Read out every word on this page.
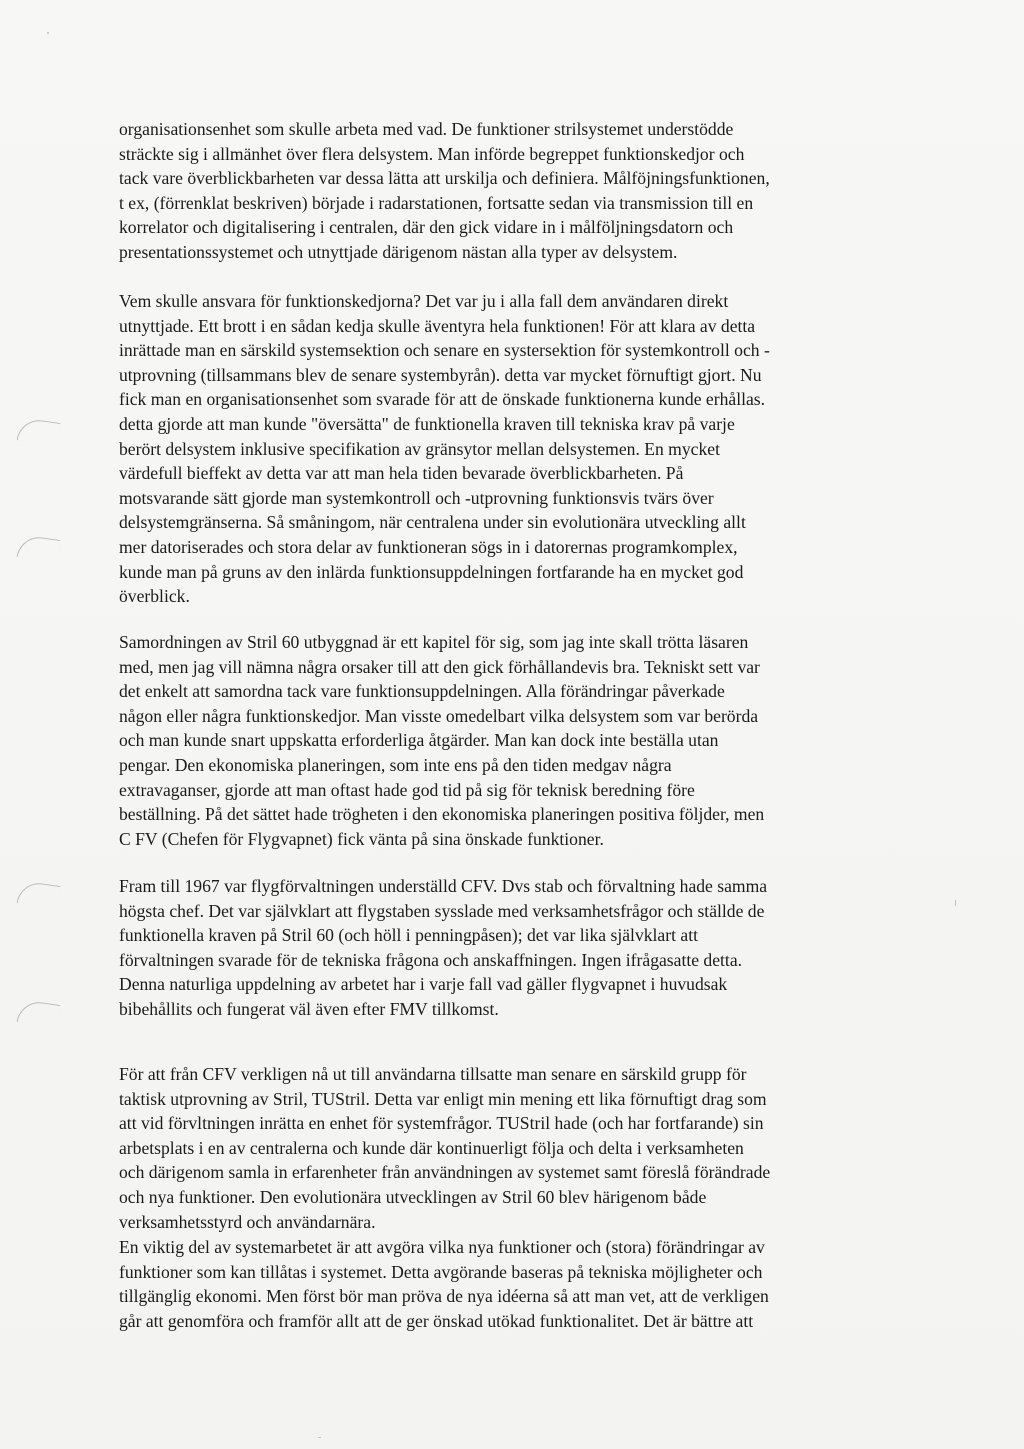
organisationsenhet som skulle arbeta med vad. De funktioner strilsystemet understödde
sträckte sig i allmänhet över flera delsystem. Man införde begreppet funktionskedjor och
tack vare överblickbarheten var dessa lätta att urskilja och definiera. Målföjningsfunktionen,
t ex, (förrenklat beskriven) började i radarstationen, fortsatte sedan via transmission till en
korrelator och digitalisering i centralen, där den gick vidare in i målföljningsdatorn och
presentationssystemet och utnyttjade därigenom nästan alla typer av delsystem.
Vem skulle ansvara för funktionskedjorna? Det var ju i alla fall dem användaren direkt
utnyttjade. Ett brott i en sådan kedja skulle äventyra hela funktionen! För att klara av detta
inrättade man en särskild systemsektion och senare en systersektion för systemkontroll och -
utprovning (tillsammans blev de senare systembyrån). detta var mycket förnuftigt gjort. Nu
fick man en organisationsenhet som svarade för att de önskade funktionerna kunde erhållas.
detta gjorde att man kunde "översätta" de funktionella kraven till tekniska krav på varje
berört delsystem inklusive specifikation av gränsytor mellan delsystemen. En mycket
värdefull bieffekt av detta var att man hela tiden bevarade överblickbarheten. På
motsvarande sätt gjorde man systemkontroll och -utprovning funktionsvis tvärs över
delsystemgränserna. Så småningom, när centralena under sin evolutionära utveckling allt
mer datoriserades och stora delar av funktioneran sögs in i datorernas programkomplex,
kunde man på gruns av den inlärda funktionsuppdelningen fortfarande ha en mycket god
överblick.
Samordningen av Stril 60 utbyggnad är ett kapitel för sig, som jag inte skall trötta läsaren
med, men jag vill nämna några orsaker till att den gick förhållandevis bra. Tekniskt sett var
det enkelt att samordna tack vare funktionsuppdelningen. Alla förändringar påverkade
någon eller några funktionskedjor. Man visste omedelbart vilka delsystem som var berörda
och man kunde snart uppskatta erforderliga åtgärder. Man kan dock inte beställa utan
pengar. Den ekonomiska planeringen, som inte ens på den tiden medgav några
extravaganser, gjorde att man oftast hade god tid på sig för teknisk beredning före
beställning. På det sättet hade trögheten i den ekonomiska planeringen positiva följder, men
C FV (Chefen för Flygvapnet) fick vänta på sina önskade funktioner.
Fram till 1967 var flygförvaltningen underställd CFV. Dvs stab och förvaltning hade samma
högsta chef. Det var självklart att flygstaben sysslade med verksamhetsfrågor och ställde de
funktionella kraven på Stril 60 (och höll i penningpåsen); det var lika självklart att
förvaltningen svarade för de tekniska frågona och anskaffningen. Ingen ifrågasatte detta.
Denna naturliga uppdelning av arbetet har i varje fall vad gäller flygvapnet i huvudsak
bibehållits och fungerat väl även efter FMV tillkomst.
För att från CFV verkligen nå ut till användarna tillsatte man senare en särskild grupp för
taktisk utprovning av Stril, TUStril. Detta var enligt min mening ett lika förnuftigt drag som
att vid förvltningen inrätta en enhet för systemfrågor. TUStril hade (och har fortfarande) sin
arbetsplats i en av centralerna och kunde där kontinuerligt följa och delta i verksamheten
och därigenom samla in erfarenheter från användningen av systemet samt föreslå förändrade
och nya funktioner. Den evolutionära utvecklingen av Stril 60 blev härigenom både
verksamhetsstyrd och användarnära.
En viktig del av systemarbetet är att avgöra vilka nya funktioner och (stora) förändringar av
funktioner som kan tillåtas i systemet. Detta avgörande baseras på tekniska möjligheter och
tillgänglig ekonomi. Men först bör man pröva de nya idéerna så att man vet, att de verkligen
går att genomföra och framför allt att de ger önskad utökad funktionalitet. Det är bättre att
